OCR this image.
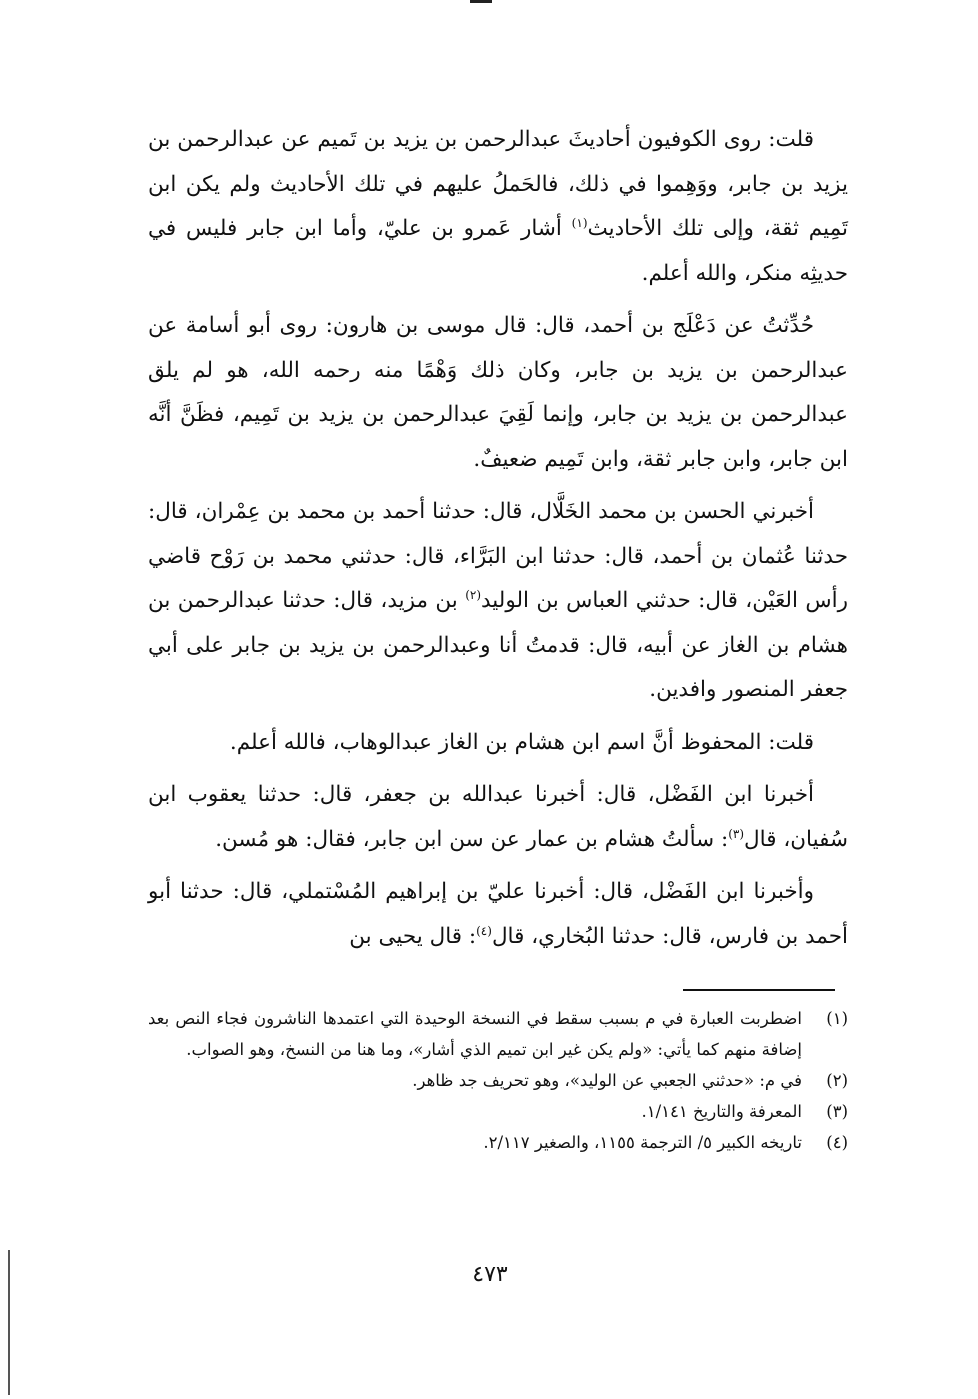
قلت: روى الكوفيون أحاديثَ عبدالرحمن بن يزيد بن تَميم عن عبدالرحمن بن يزيد بن جابر، ووَهِموا في ذلك، فالحَملُ عليهم في تلك الأحاديث ولم يكن ابن تَمِيم ثقة، وإلى تلك الأحاديث$^{(١)}$ أشار عَمرو بن عليّ، وأما ابن جابر فليس في حديثِه منكر، والله أعلم.

حُدِّثتُ عن دَعْلَج بن أحمد، قال: قال موسى بن هارون: روى أبو أسامة عن عبدالرحمن بن يزيد بن جابر، وكان ذلك وَهْمًا منه رحمه الله، هو لم يلق عبدالرحمن بن يزيد بن جابر، وإنما لَقِيَ عبدالرحمن بن يزيد بن تَمِيم، فظَنَّ أنَّه ابن جابر، وابن جابر ثقة، وابن تَمِيم ضعيفٌ.

أخبرني الحسن بن محمد الخَلَّال، قال: حدثنا أحمد بن محمد بن عِمْران، قال: حدثنا عُثمان بن أحمد، قال: حدثنا ابن البَرَّاء، قال: حدثني محمد بن رَوْح قاضي رأس العَيْن، قال: حدثني العباس بن الوليد$^{(٢)}$ بن مزيد، قال: حدثنا عبدالرحمن بن هشام بن الغاز عن أبيه، قال: قدمتُ أنا وعبدالرحمن بن يزيد بن جابر على أبي جعفر المنصور وافدين.

قلت: المحفوظ أنَّ اسم ابن هشام بن الغاز عبدالوهاب، فالله أعلم.

أخبرنا ابن الفَضْل، قال: أخبرنا عبدالله بن جعفر، قال: حدثنا يعقوب ابن سُفيان، قال$^{(٣)}$: سألتُ هشام بن عمار عن سن ابن جابر، فقال: هو مُسن.

وأخبرنا ابن الفَضْل، قال: أخبرنا عليّ بن إبراهيم المُسْتملي، قال: حدثنا أبو أحمد بن فارس، قال: حدثنا البُخاري، قال$^{(٤)}$: قال يحيى بن

(١)
اضطربت العبارة في م بسبب سقط في النسخة الوحيدة التي اعتمدها الناشرون فجاء النص بعد إضافة منهم كما يأتي: «ولم يكن غير ابن تميم الذي أشار»، وما هنا من النسخ، وهو الصواب.
(٢)
في م: «حدثني الجعبي عن الوليد»، وهو تحريف جد ظاهر.
(٣)
المعرفة والتاريخ ١/١٤١.
(٤)
تاريخه الكبير ٥/ الترجمة ١١٥٥، والصغير ٢/١١٧.
٤٧٣
